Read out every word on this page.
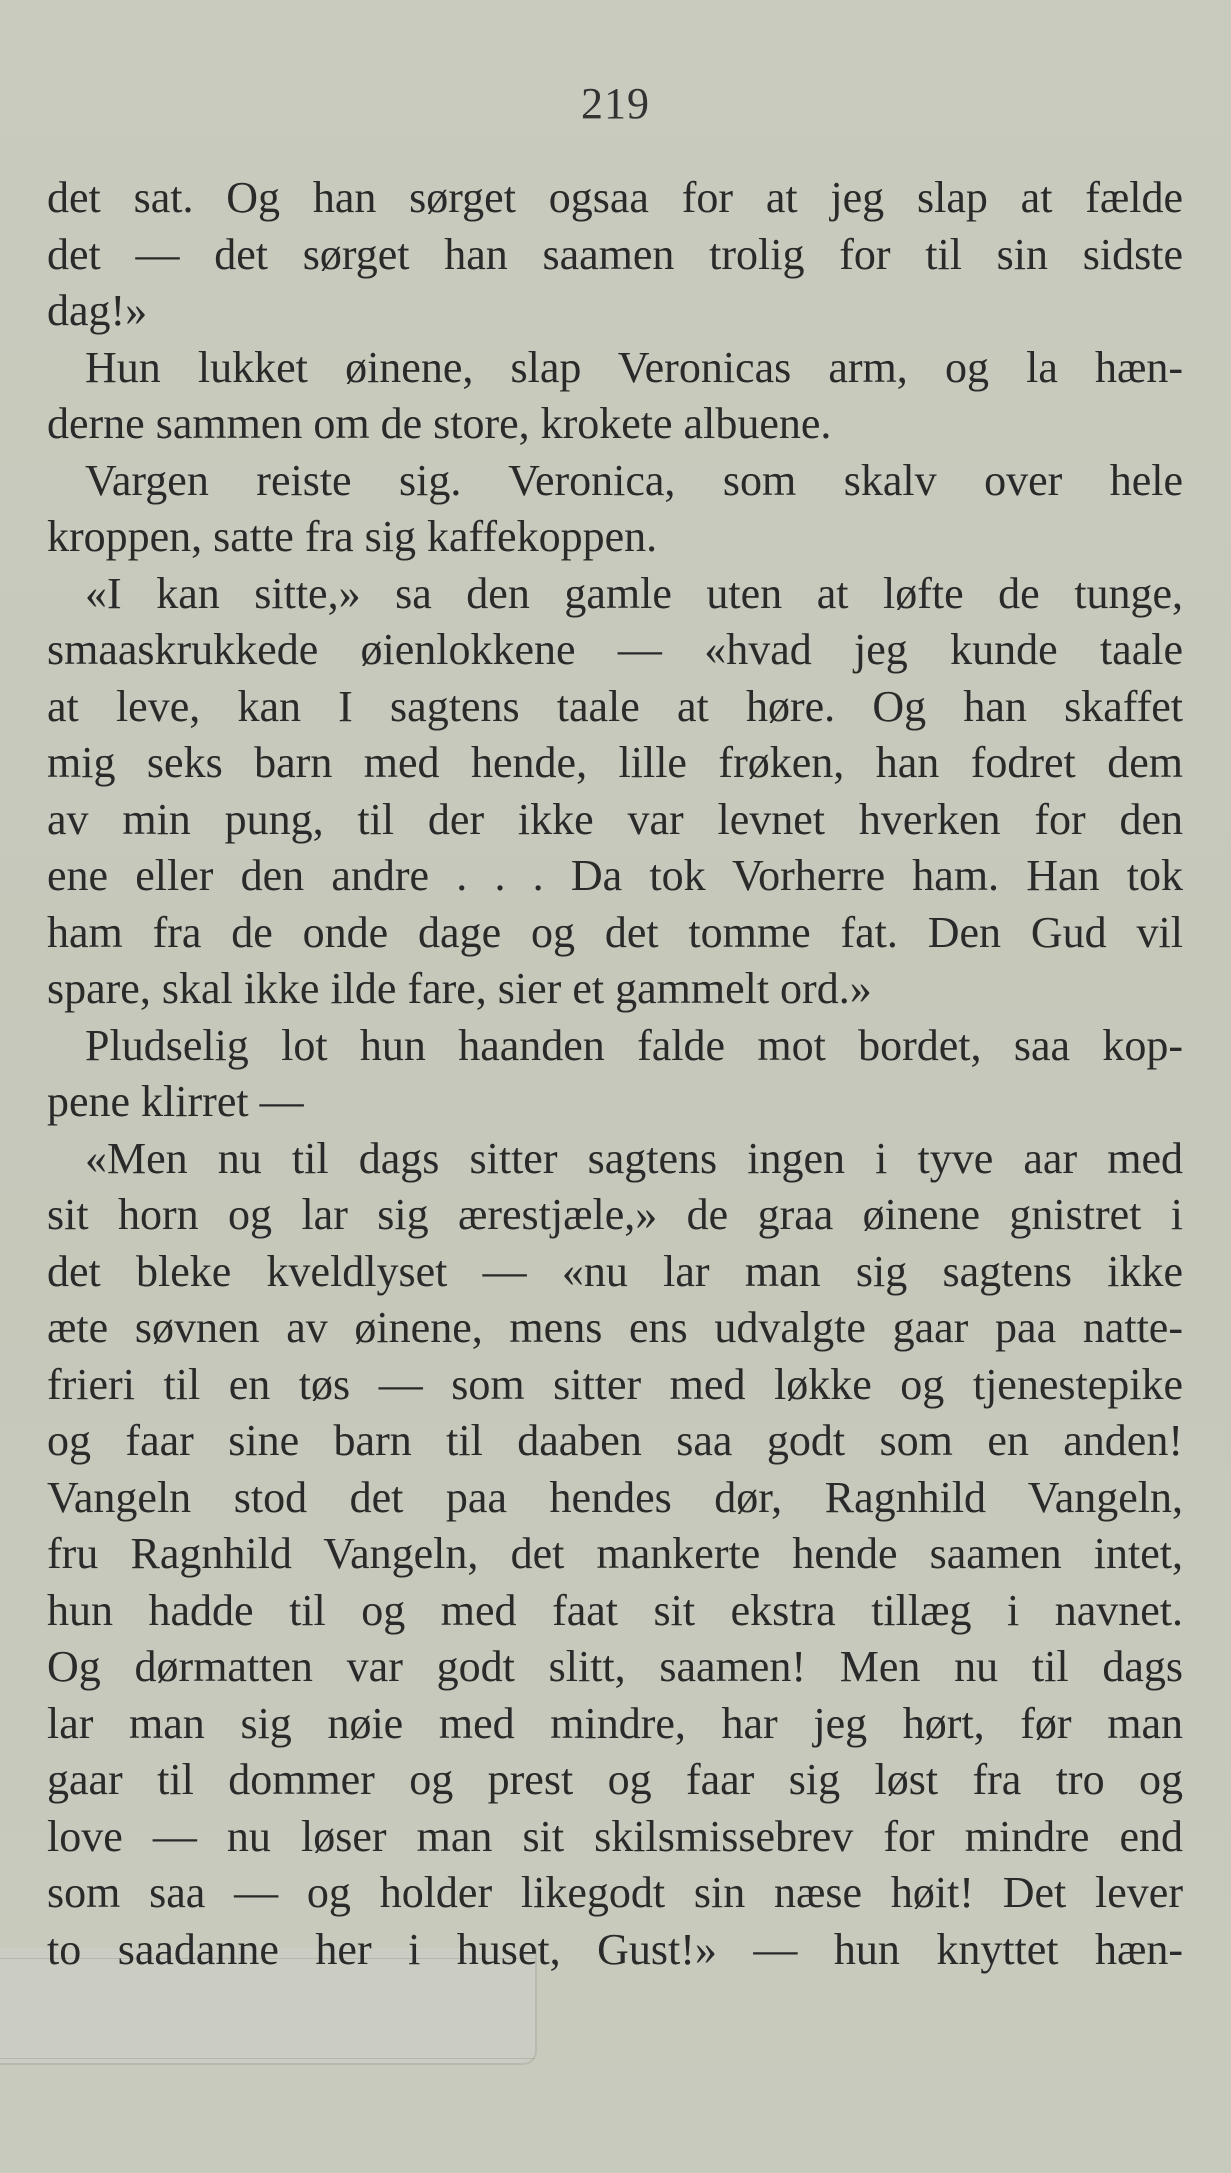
219
det sat. Og han sørget ogsaa for at jeg slap at fælde
det — det sørget han saamen trolig for til sin sidste
dag!»
Hun lukket øinene, slap Veronicas arm, og la hæn-
derne sammen om de store, krokete albuene.
Vargen reiste sig. Veronica, som skalv over hele
kroppen, satte fra sig kaffekoppen.
«I kan sitte,» sa den gamle uten at løfte de tunge,
smaaskrukkede øienlokkene — «hvad jeg kunde taale
at leve, kan I sagtens taale at høre. Og han skaffet
mig seks barn med hende, lille frøken, han fodret dem
av min pung, til der ikke var levnet hverken for den
ene eller den andre . . . Da tok Vorherre ham. Han tok
ham fra de onde dage og det tomme fat. Den Gud vil
spare, skal ikke ilde fare, sier et gammelt ord.»
Pludselig lot hun haanden falde mot bordet, saa kop-
pene klirret —
«Men nu til dags sitter sagtens ingen i tyve aar med
sit horn og lar sig ærestjæle,» de graa øinene gnistret i
det bleke kveldlyset — «nu lar man sig sagtens ikke
æte søvnen av øinene, mens ens udvalgte gaar paa natte-
frieri til en tøs — som sitter med løkke og tjenestepike
og faar sine barn til daaben saa godt som en anden!
Vangeln stod det paa hendes dør, Ragnhild Vangeln,
fru Ragnhild Vangeln, det mankerte hende saamen intet,
hun hadde til og med faat sit ekstra tillæg i navnet.
Og dørmatten var godt slitt, saamen! Men nu til dags
lar man sig nøie med mindre, har jeg hørt, før man
gaar til dommer og prest og faar sig løst fra tro og
love — nu løser man sit skilsmissebrev for mindre end
som saa — og holder likegodt sin næse høit! Det lever
to saadanne her i huset, Gust!» — hun knyttet hæn-
